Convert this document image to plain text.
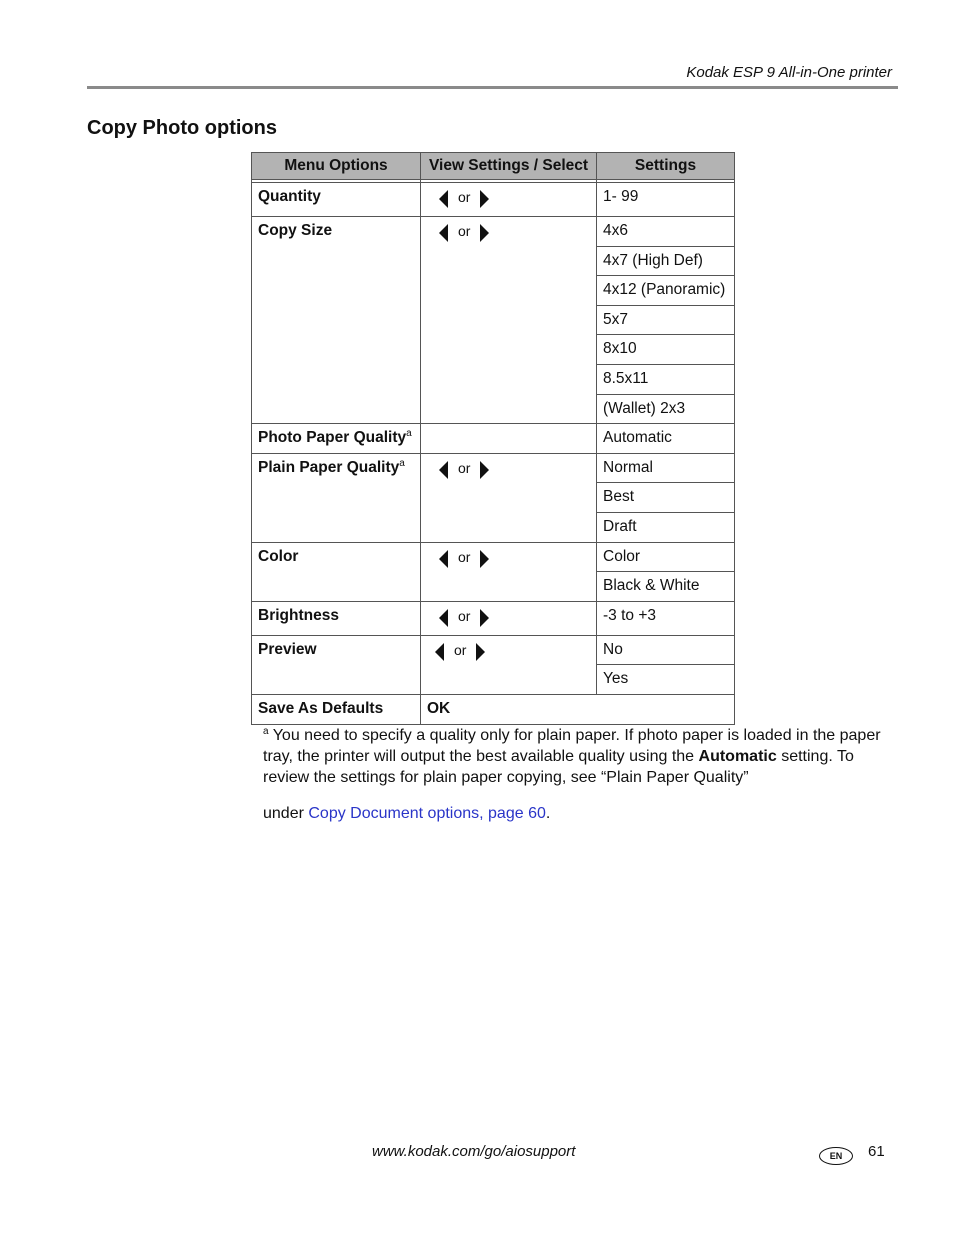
Kodak ESP 9 All-in-One printer
Copy Photo options
Menu Options	View Settings / Select	Settings

Quantity	or	1- 99
Copy Size	or	4x6
		4x7 (High Def)
		4x12 (Panoramic)
		5x7
		8x10
		8.5x11
		(Wallet) 2x3
Photo Paper Quality$^a$		Automatic
Plain Paper Quality$^a$	or	Normal
		Best
		Draft
Color	or	Color
		Black & White
Brightness	or	-3 to +3
Preview	or	No
		Yes
Save As Defaults	OK	

$^a$ You need to specify a quality only for plain paper. If photo paper is loaded in the paper tray, the printer will output the best available quality using the Automatic setting. To review the settings for plain paper copying, see “Plain Paper Quality”

under Copy Document options, page 60.

www.kodak.com/go/aiosupport	EN	61
